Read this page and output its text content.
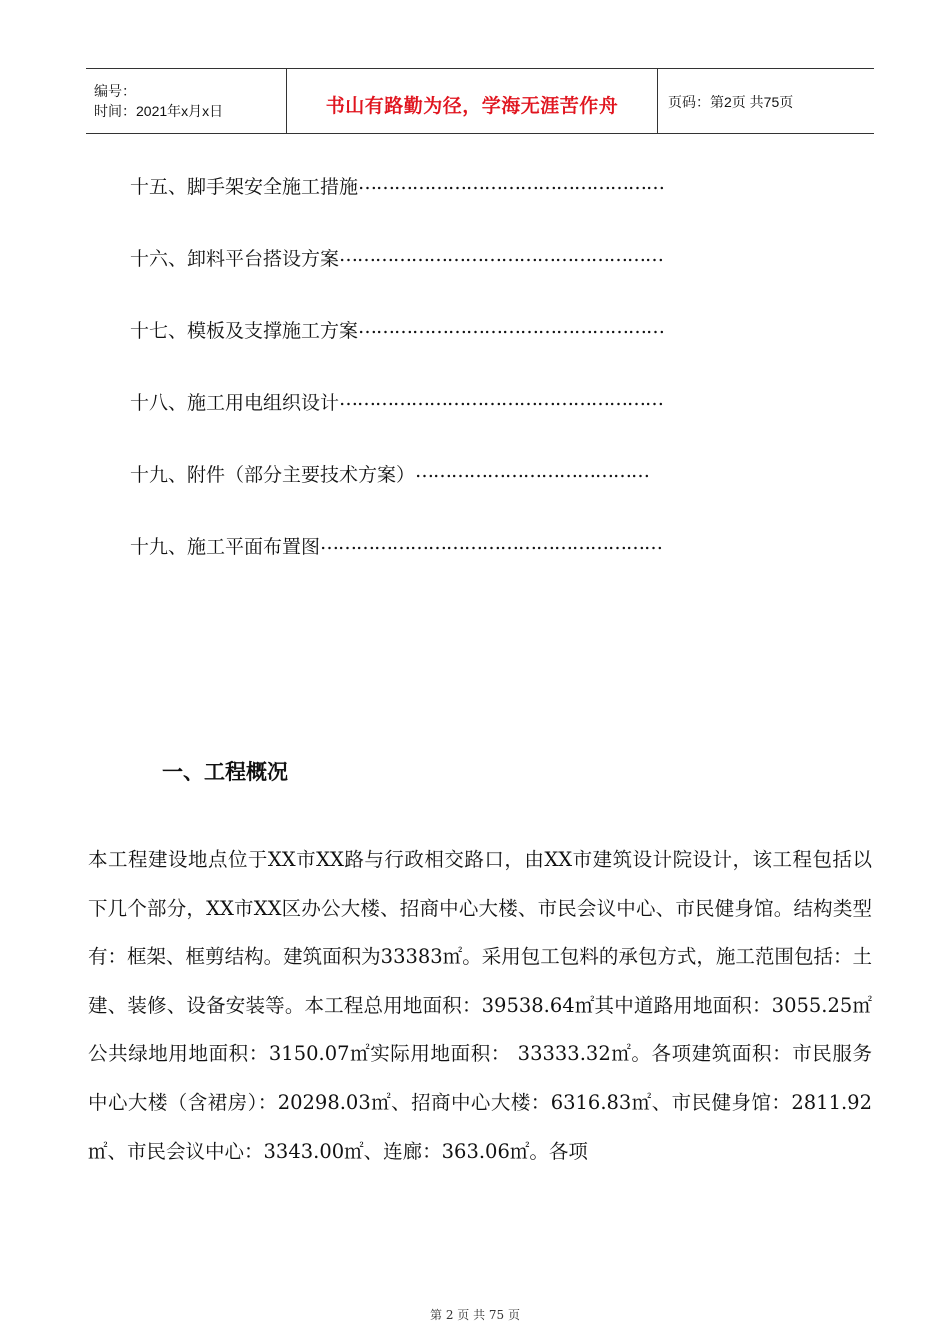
编号：
时间：2021年x月x日	书山有路勤为径，学海无涯苦作舟	页码：第2页 共75页
十五、脚手架安全施工措施 ……………………………………………
十六、卸料平台搭设方案 ………………………………………………
十七、模板及支撑施工方案 ……………………………………………
十八、施工用电组织设计 ………………………………………………
十九、附件（部分主要技术方案） …………………………………
十九、施工平面布置图 …………………………………………………
一、工程概况
本工程建设地点位于XX市XX路与行政相交路口，由XX市建筑设计院设计，该工程包括以下几个部分，XX市XX区办公大楼、招商中心大楼、市民会议中心、市民健身馆。结构类型有：框架、框剪结构。建筑面积为33383㎡。采用包工包料的承包方式，施工范围包括：土建、装修、设备安装等。本工程总用地面积：39538.64㎡其中道路用地面积：3055.25㎡公共绿地用地面积：3150.07㎡实际用地面积： 33333.32㎡。各项建筑面积：市民服务中心大楼（含裙房）：20298.03㎡、招商中心大楼：6316.83㎡、市民健身馆：2811.92㎡、市民会议中心：3343.00㎡、连廊：363.06㎡。各项
第 2 页 共 75 页
